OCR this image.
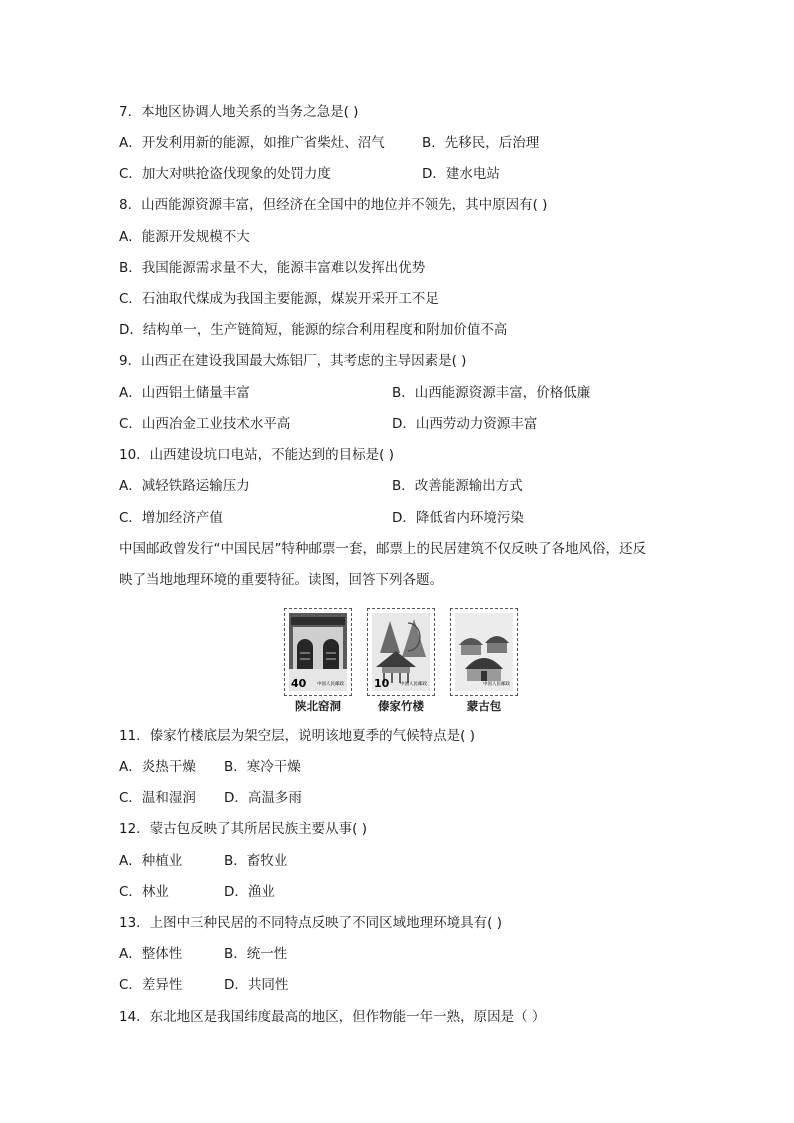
7．本地区协调人地关系的当务之急是( )
A．开发利用新的能源，如推广省柴灶、沼气	B．先移民，后治理
C．加大对哄抢盗伐现象的处罚力度	D．建水电站
8．山西能源资源丰富，但经济在全国中的地位并不领先，其中原因有( )
A．能源开发规模不大
B．我国能源需求量不大，能源丰富难以发挥出优势
C．石油取代煤成为我国主要能源，煤炭开采开工不足
D．结构单一，生产链简短，能源的综合利用程度和附加价值不高
9．山西正在建设我国最大炼铝厂，其考虑的主导因素是( )
A．山西铝土储量丰富	B．山西能源资源丰富，价格低廉
C．山西冶金工业技术水平高	D．山西劳动力资源丰富
10．山西建设坑口电站，不能达到的目标是( )
A．减轻铁路运输压力	B．改善能源输出方式
C．增加经济产值	D．降低省内环境污染
中国邮政曾发行“中国民居”特种邮票一套，邮票上的民居建筑不仅反映了各地风俗，还反
映了当地地理环境的重要特征。读图，回答下列各题。
40 中国人民邮政
陕北窑洞
10 中国人民邮政
傣家竹楼
中国人民邮政
蒙古包
11．傣家竹楼底层为架空层，说明该地夏季的气候特点是( )
A．炎热干燥 B．寒冷干燥
C．温和湿润 D．高温多雨
12．蒙古包反映了其所居民族主要从事( )
A．种植业	B．畜牧业
C．林业	D．渔业
13．上图中三种民居的不同特点反映了不同区域地理环境具有( )
A．整体性	B．统一性
C．差异性	D．共同性
14．东北地区是我国纬度最高的地区，但作物能一年一熟，原因是（ ）
